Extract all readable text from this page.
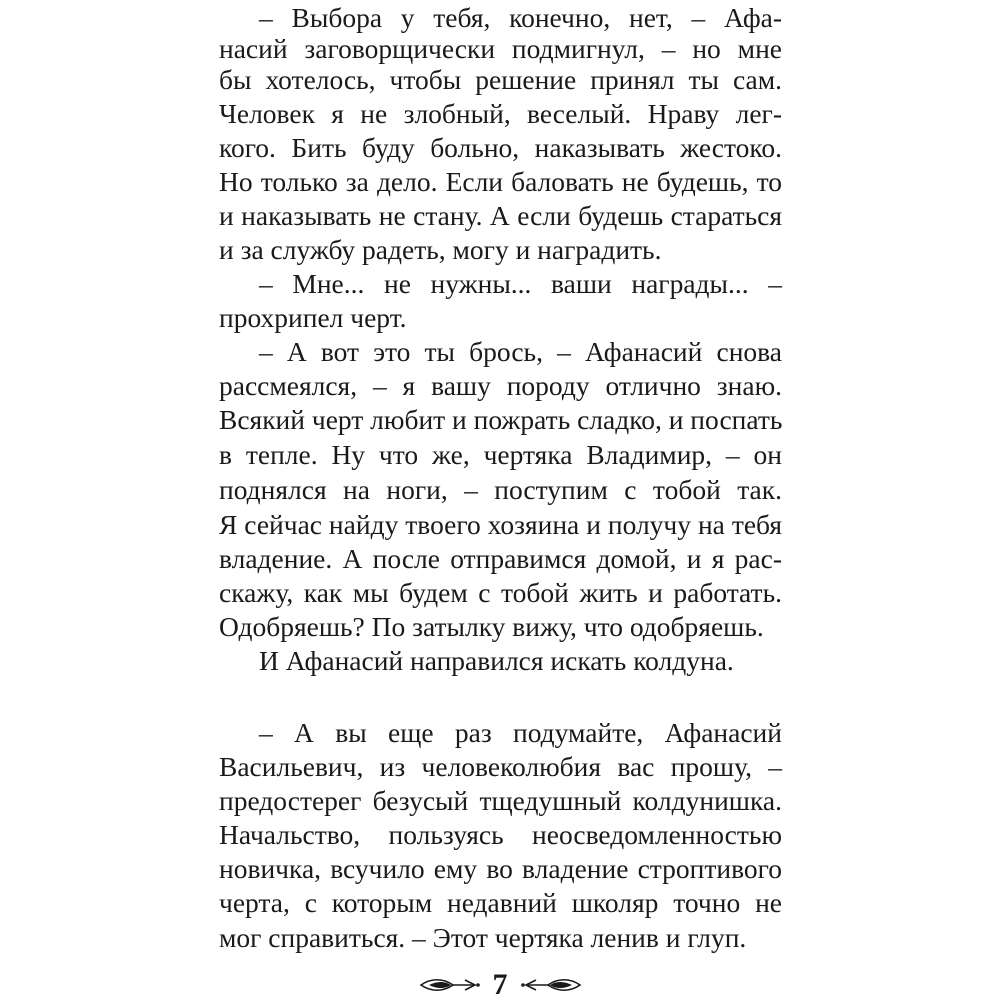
– Выбора у тебя, конечно, нет, – Афа-
насий заговорщически подмигнул, – но мне
бы хотелось, чтобы решение принял ты сам.
Человек я не злобный, веселый. Нраву лег-
кого. Бить буду больно, наказывать жестоко.
Но только за дело. Если баловать не будешь, то
и наказывать не стану. А если будешь стараться
и за службу радеть, могу и наградить.
– Мне... не нужны... ваши награды... –
прохрипел черт.
– А вот это ты брось, – Афанасий снова
рассмеялся, – я вашу породу отлично знаю.
Всякий черт любит и пожрать сладко, и поспать
в тепле. Ну что же, чертяка Владимир, – он
поднялся на ноги, – поступим с тобой так.
Я сейчас найду твоего хозяина и получу на тебя
владение. А после отправимся домой, и я рас-
скажу, как мы будем с тобой жить и работать.
Одобряешь? По затылку вижу, что одобряешь.
И Афанасий направился искать колдуна.
– А вы еще раз подумайте, Афанасий
Васильевич, из человеколюбия вас прошу, –
предостерег безусый тщедушный колдунишка.
Начальство, пользуясь неосведомленностью
новичка, всучило ему во владение строптивого
черта, с которым недавний школяр точно не
мог справиться. – Этот чертяка ленив и глуп.
7
